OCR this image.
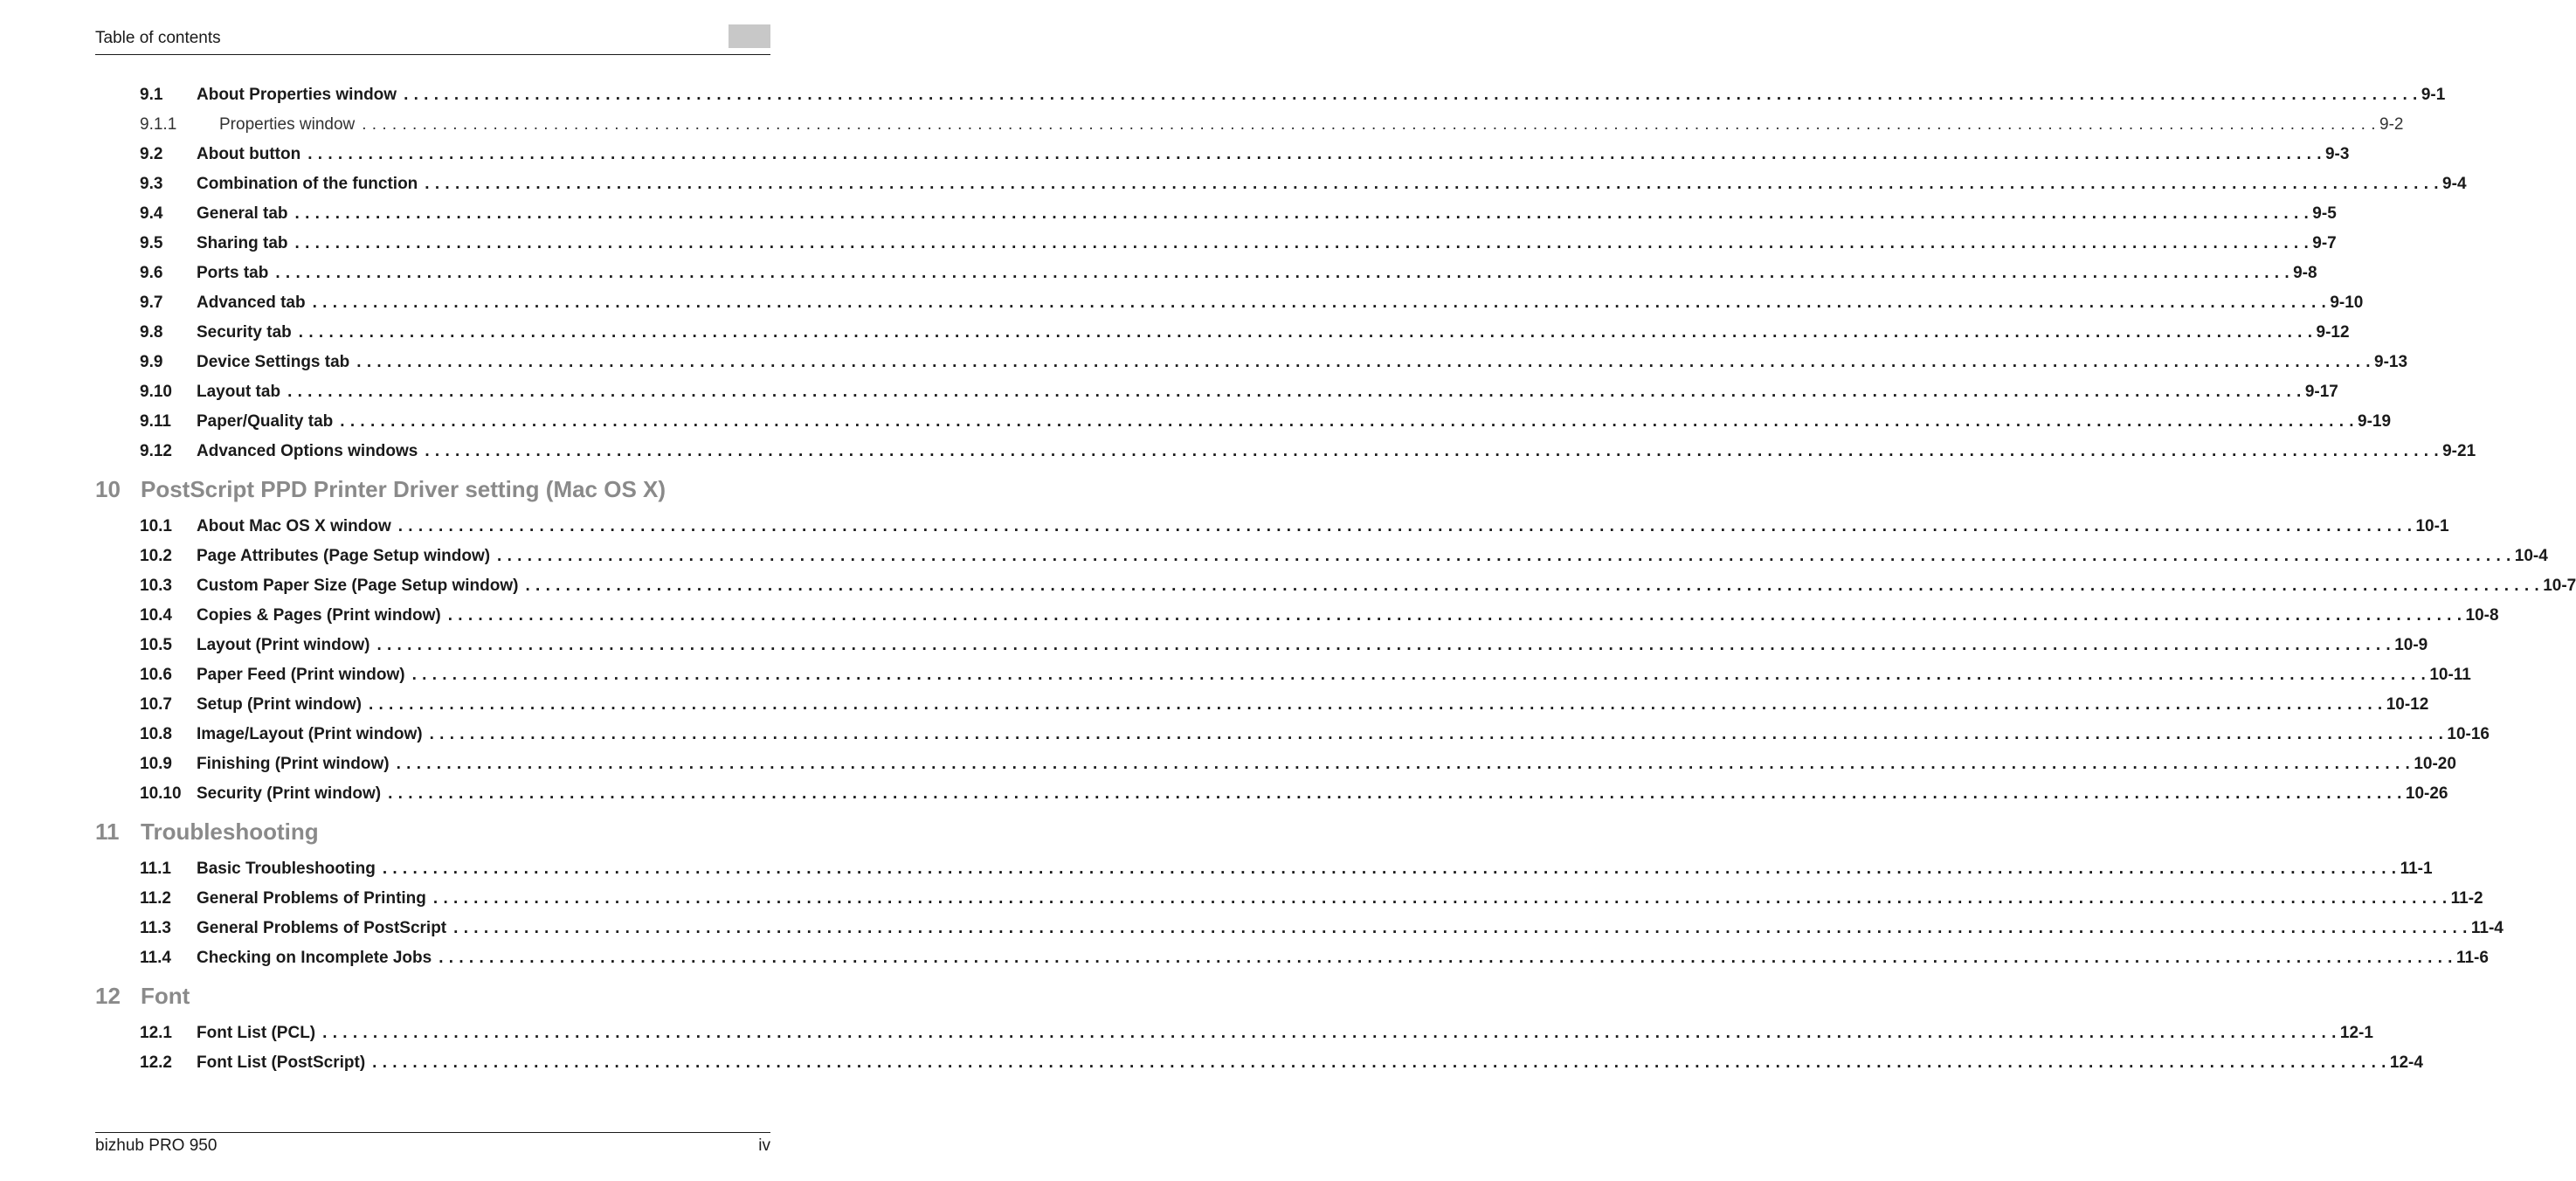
Table of contents
9.1 About Properties window . . . . . . . . . . . . . . . . . . . . . . . . . . . . . . . . . . . . . . . . . . . . . . . . . . . . . . . . . . . . . . . . . . . . . . . . . . . . . . . . . . . . . . . . . . . . . . . . . . . . . . . . . . . . . . . . . . . . . . . . . . . . . . . . . . . . . . . . . . . . . . . . . . . . . . . . . . . . . . . . . . . . . . . . . . . . . . . . . . . . . . . . . . . . . . . . . . . . . . . . 9-1
9.1.1	Properties window . . . . . . . . . . . . . . . . . . . . . . . . . . . . . . . . . . . . . . . . . . . . . . . . . . . . . . . . . . . . . . . . . . . . . . . . . . . . . . . . . . . . . . . . . . . . . . . . . . . . . . . . . . . . . . . . . . . . . . . . . . . . . . . . . . . . . . . . . . . . . . . . . . . . . . . . . . . . . . . . . . . . . . . . . . . . . . . . . . . . . . . . . . . . . . . . . . . . . . . . 9-2
9.2 About button . . . . . . . . . . . . . . . . . . . . . . . . . . . . . . . . . . . . . . . . . . . . . . . . . . . . . . . . . . . . . . . . . . . . . . . . . . . . . . . . . . . . . . . . . . . . . . . . . . . . . . . . . . . . . . . . . . . . . . . . . . . . . . . . . . . . . . . . . . . . . . . . . . . . . . . . . . . . . . . . . . . . . . . . . . . . . . . . . . . . . . . . . . . . . . . . . . . . . . . . 9-3
9.3 Combination of the function . . . . . . . . . . . . . . . . . . . . . . . . . . . . . . . . . . . . . . . . . . . . . . . . . . . . . . . . . . . . . . . . . . . . . . . . . . . . . . . . . . . . . . . . . . . . . . . . . . . . . . . . . . . . . . . . . . . . . . . . . . . . . . . . . . . . . . . . . . . . . . . . . . . . . . . . . . . . . . . . . . . . . . . . . . . . . . . . . . . . . . . . . . . . . . . . . . . . . . . . 9-4
9.4 General tab . . . . . . . . . . . . . . . . . . . . . . . . . . . . . . . . . . . . . . . . . . . . . . . . . . . . . . . . . . . . . . . . . . . . . . . . . . . . . . . . . . . . . . . . . . . . . . . . . . . . . . . . . . . . . . . . . . . . . . . . . . . . . . . . . . . . . . . . . . . . . . . . . . . . . . . . . . . . . . . . . . . . . . . . . . . . . . . . . . . . . . . . . . . . . . . . . . . . . . . . 9-5
9.5 Sharing tab . . . . . . . . . . . . . . . . . . . . . . . . . . . . . . . . . . . . . . . . . . . . . . . . . . . . . . . . . . . . . . . . . . . . . . . . . . . . . . . . . . . . . . . . . . . . . . . . . . . . . . . . . . . . . . . . . . . . . . . . . . . . . . . . . . . . . . . . . . . . . . . . . . . . . . . . . . . . . . . . . . . . . . . . . . . . . . . . . . . . . . . . . . . . . . . . . . . . . . . . 9-7
9.6 Ports tab . . . . . . . . . . . . . . . . . . . . . . . . . . . . . . . . . . . . . . . . . . . . . . . . . . . . . . . . . . . . . . . . . . . . . . . . . . . . . . . . . . . . . . . . . . . . . . . . . . . . . . . . . . . . . . . . . . . . . . . . . . . . . . . . . . . . . . . . . . . . . . . . . . . . . . . . . . . . . . . . . . . . . . . . . . . . . . . . . . . . . . . . . . . . . . . . . . . . . . . . 9-8
9.7 Advanced tab . . . . . . . . . . . . . . . . . . . . . . . . . . . . . . . . . . . . . . . . . . . . . . . . . . . . . . . . . . . . . . . . . . . . . . . . . . . . . . . . . . . . . . . . . . . . . . . . . . . . . . . . . . . . . . . . . . . . . . . . . . . . . . . . . . . . . . . . . . . . . . . . . . . . . . . . . . . . . . . . . . . . . . . . . . . . . . . . . . . . . . . . . . . . . . . . . . . . . . . . 9-10
9.8 Security tab . . . . . . . . . . . . . . . . . . . . . . . . . . . . . . . . . . . . . . . . . . . . . . . . . . . . . . . . . . . . . . . . . . . . . . . . . . . . . . . . . . . . . . . . . . . . . . . . . . . . . . . . . . . . . . . . . . . . . . . . . . . . . . . . . . . . . . . . . . . . . . . . . . . . . . . . . . . . . . . . . . . . . . . . . . . . . . . . . . . . . . . . . . . . . . . . . . . . . . . . 9-12
9.9 Device Settings tab . . . . . . . . . . . . . . . . . . . . . . . . . . . . . . . . . . . . . . . . . . . . . . . . . . . . . . . . . . . . . . . . . . . . . . . . . . . . . . . . . . . . . . . . . . . . . . . . . . . . . . . . . . . . . . . . . . . . . . . . . . . . . . . . . . . . . . . . . . . . . . . . . . . . . . . . . . . . . . . . . . . . . . . . . . . . . . . . . . . . . . . . . . . . . . . . . . . . . . . . 9-13
9.10 Layout tab . . . . . . . . . . . . . . . . . . . . . . . . . . . . . . . . . . . . . . . . . . . . . . . . . . . . . . . . . . . . . . . . . . . . . . . . . . . . . . . . . . . . . . . . . . . . . . . . . . . . . . . . . . . . . . . . . . . . . . . . . . . . . . . . . . . . . . . . . . . . . . . . . . . . . . . . . . . . . . . . . . . . . . . . . . . . . . . . . . . . . . . . . . . . . . . . . . . . . . . . 9-17
9.11 Paper/Quality tab . . . . . . . . . . . . . . . . . . . . . . . . . . . . . . . . . . . . . . . . . . . . . . . . . . . . . . . . . . . . . . . . . . . . . . . . . . . . . . . . . . . . . . . . . . . . . . . . . . . . . . . . . . . . . . . . . . . . . . . . . . . . . . . . . . . . . . . . . . . . . . . . . . . . . . . . . . . . . . . . . . . . . . . . . . . . . . . . . . . . . . . . . . . . . . . . . . . . . . . . 9-19
9.12 Advanced Options windows . . . . . . . . . . . . . . . . . . . . . . . . . . . . . . . . . . . . . . . . . . . . . . . . . . . . . . . . . . . . . . . . . . . . . . . . . . . . . . . . . . . . . . . . . . . . . . . . . . . . . . . . . . . . . . . . . . . . . . . . . . . . . . . . . . . . . . . . . . . . . . . . . . . . . . . . . . . . . . . . . . . . . . . . . . . . . . . . . . . . . . . . . . . . . . . . . . . . . . . . 9-21
10 PostScript PPD Printer Driver setting (Mac OS X)
10.1 About Mac OS X window . . . . . . . . . . . . . . . . . . . . . . . . . . . . . . . . . . . . . . . . . . . . . . . . . . . . . . . . . . . . . . . . . . . . . . . . . . . . . . . . . . . . . . . . . . . . . . . . . . . . . . . . . . . . . . . . . . . . . . . . . . . . . . . . . . . . . . . . . . . . . . . . . . . . . . . . . . . . . . . . . . . . . . . . . . . . . . . . . . . . . . . . . . . . . . . . . . . . . . . . 10-1
10.2 Page Attributes (Page Setup window) . . . . . . . . . . . . . . . . . . . . . . . . . . . . . . . . . . . . . . . . . . . . . . . . . . . . . . . . . . . . . . . . . . . . . . . . . . . . . . . . . . . . . . . . . . . . . . . . . . . . . . . . . . . . . . . . . . . . . . . . . . . . . . . . . . . . . . . . . . . . . . . . . . . . . . . . . . . . . . . . . . . . . . . . . . . . . . . . . . . . . . . . . . . . . . . . . . . . . . . . 10-4
10.3 Custom Paper Size (Page Setup window) . . . . . . . . . . . . . . . . . . . . . . . . . . . . . . . . . . . . . . . . . . . . . . . . . . . . . . . . . . . . . . . . . . . . . . . . . . . . . . . . . . . . . . . . . . . . . . . . . . . . . . . . . . . . . . . . . . . . . . . . . . . . . . . . . . . . . . . . . . . . . . . . . . . . . . . . . . . . . . . . . . . . . . . . . . . . . . . . . . . . . . . . . . . . . . . . . . . . . . . . 10-7
10.4 Copies & Pages (Print window) . . . . . . . . . . . . . . . . . . . . . . . . . . . . . . . . . . . . . . . . . . . . . . . . . . . . . . . . . . . . . . . . . . . . . . . . . . . . . . . . . . . . . . . . . . . . . . . . . . . . . . . . . . . . . . . . . . . . . . . . . . . . . . . . . . . . . . . . . . . . . . . . . . . . . . . . . . . . . . . . . . . . . . . . . . . . . . . . . . . . . . . . . . . . . . . . . . . . . . . . 10-8
10.5 Layout (Print window) . . . . . . . . . . . . . . . . . . . . . . . . . . . . . . . . . . . . . . . . . . . . . . . . . . . . . . . . . . . . . . . . . . . . . . . . . . . . . . . . . . . . . . . . . . . . . . . . . . . . . . . . . . . . . . . . . . . . . . . . . . . . . . . . . . . . . . . . . . . . . . . . . . . . . . . . . . . . . . . . . . . . . . . . . . . . . . . . . . . . . . . . . . . . . . . . . . . . . . . . 10-9
10.6 Paper Feed (Print window) . . . . . . . . . . . . . . . . . . . . . . . . . . . . . . . . . . . . . . . . . . . . . . . . . . . . . . . . . . . . . . . . . . . . . . . . . . . . . . . . . . . . . . . . . . . . . . . . . . . . . . . . . . . . . . . . . . . . . . . . . . . . . . . . . . . . . . . . . . . . . . . . . . . . . . . . . . . . . . . . . . . . . . . . . . . . . . . . . . . . . . . . . . . . . . . . . . . . . . . . 10-11
10.7 Setup (Print window) . . . . . . . . . . . . . . . . . . . . . . . . . . . . . . . . . . . . . . . . . . . . . . . . . . . . . . . . . . . . . . . . . . . . . . . . . . . . . . . . . . . . . . . . . . . . . . . . . . . . . . . . . . . . . . . . . . . . . . . . . . . . . . . . . . . . . . . . . . . . . . . . . . . . . . . . . . . . . . . . . . . . . . . . . . . . . . . . . . . . . . . . . . . . . . . . . . . . . . . . 10-12
10.8 Image/Layout (Print window) . . . . . . . . . . . . . . . . . . . . . . . . . . . . . . . . . . . . . . . . . . . . . . . . . . . . . . . . . . . . . . . . . . . . . . . . . . . . . . . . . . . . . . . . . . . . . . . . . . . . . . . . . . . . . . . . . . . . . . . . . . . . . . . . . . . . . . . . . . . . . . . . . . . . . . . . . . . . . . . . . . . . . . . . . . . . . . . . . . . . . . . . . . . . . . . . . . . . . . . . 10-16
10.9 Finishing (Print window) . . . . . . . . . . . . . . . . . . . . . . . . . . . . . . . . . . . . . . . . . . . . . . . . . . . . . . . . . . . . . . . . . . . . . . . . . . . . . . . . . . . . . . . . . . . . . . . . . . . . . . . . . . . . . . . . . . . . . . . . . . . . . . . . . . . . . . . . . . . . . . . . . . . . . . . . . . . . . . . . . . . . . . . . . . . . . . . . . . . . . . . . . . . . . . . . . . . . . . . . 10-20
10.10 Security (Print window) . . . . . . . . . . . . . . . . . . . . . . . . . . . . . . . . . . . . . . . . . . . . . . . . . . . . . . . . . . . . . . . . . . . . . . . . . . . . . . . . . . . . . . . . . . . . . . . . . . . . . . . . . . . . . . . . . . . . . . . . . . . . . . . . . . . . . . . . . . . . . . . . . . . . . . . . . . . . . . . . . . . . . . . . . . . . . . . . . . . . . . . . . . . . . . . . . . . . . . . . 10-26
11 Troubleshooting
11.1 Basic Troubleshooting . . . . . . . . . . . . . . . . . . . . . . . . . . . . . . . . . . . . . . . . . . . . . . . . . . . . . . . . . . . . . . . . . . . . . . . . . . . . . . . . . . . . . . . . . . . . . . . . . . . . . . . . . . . . . . . . . . . . . . . . . . . . . . . . . . . . . . . . . . . . . . . . . . . . . . . . . . . . . . . . . . . . . . . . . . . . . . . . . . . . . . . . . . . . . . . . . . . . . . . . 11-1
11.2 General Problems of Printing . . . . . . . . . . . . . . . . . . . . . . . . . . . . . . . . . . . . . . . . . . . . . . . . . . . . . . . . . . . . . . . . . . . . . . . . . . . . . . . . . . . . . . . . . . . . . . . . . . . . . . . . . . . . . . . . . . . . . . . . . . . . . . . . . . . . . . . . . . . . . . . . . . . . . . . . . . . . . . . . . . . . . . . . . . . . . . . . . . . . . . . . . . . . . . . . . . . . . . . . 11-2
11.3 General Problems of PostScript . . . . . . . . . . . . . . . . . . . . . . . . . . . . . . . . . . . . . . . . . . . . . . . . . . . . . . . . . . . . . . . . . . . . . . . . . . . . . . . . . . . . . . . . . . . . . . . . . . . . . . . . . . . . . . . . . . . . . . . . . . . . . . . . . . . . . . . . . . . . . . . . . . . . . . . . . . . . . . . . . . . . . . . . . . . . . . . . . . . . . . . . . . . . . . . . . . . . . . . . 11-4
11.4 Checking on Incomplete Jobs . . . . . . . . . . . . . . . . . . . . . . . . . . . . . . . . . . . . . . . . . . . . . . . . . . . . . . . . . . . . . . . . . . . . . . . . . . . . . . . . . . . . . . . . . . . . . . . . . . . . . . . . . . . . . . . . . . . . . . . . . . . . . . . . . . . . . . . . . . . . . . . . . . . . . . . . . . . . . . . . . . . . . . . . . . . . . . . . . . . . . . . . . . . . . . . . . . . . . . . . 11-6
12 Font
12.1 Font List (PCL) . . . . . . . . . . . . . . . . . . . . . . . . . . . . . . . . . . . . . . . . . . . . . . . . . . . . . . . . . . . . . . . . . . . . . . . . . . . . . . . . . . . . . . . . . . . . . . . . . . . . . . . . . . . . . . . . . . . . . . . . . . . . . . . . . . . . . . . . . . . . . . . . . . . . . . . . . . . . . . . . . . . . . . . . . . . . . . . . . . . . . . . . . . . . . . . . . . . . . . . . 12-1
12.2 Font List (PostScript) . . . . . . . . . . . . . . . . . . . . . . . . . . . . . . . . . . . . . . . . . . . . . . . . . . . . . . . . . . . . . . . . . . . . . . . . . . . . . . . . . . . . . . . . . . . . . . . . . . . . . . . . . . . . . . . . . . . . . . . . . . . . . . . . . . . . . . . . . . . . . . . . . . . . . . . . . . . . . . . . . . . . . . . . . . . . . . . . . . . . . . . . . . . . . . . . . . . . . . . . 12-4
bizhub PRO 950	iv
